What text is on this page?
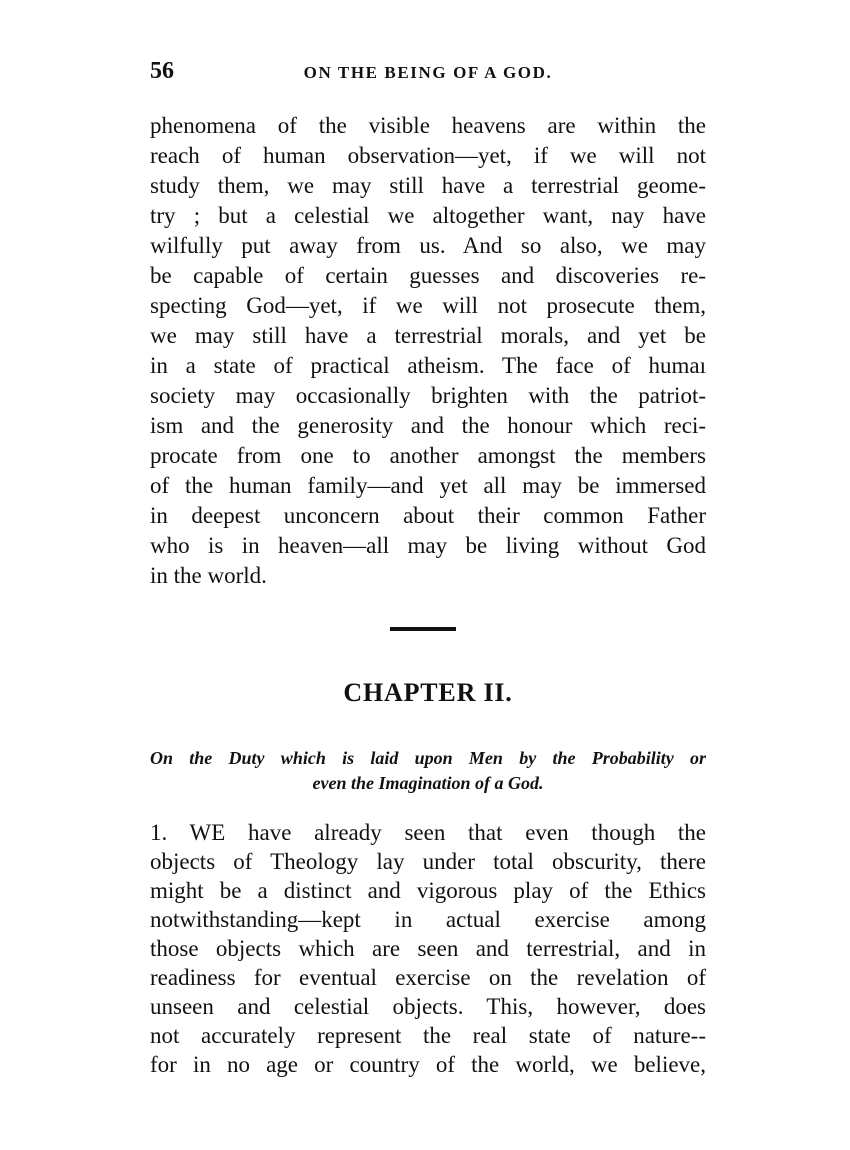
56	ON THE BEING OF A GOD.
phenomena of the visible heavens are within the
reach of human observation—yet, if we will not
study them, we may still have a terrestrial geome-
try ; but a celestial we altogether want, nay have
wilfully put away from us. And so also, we may
be capable of certain guesses and discoveries re-
specting God—yet, if we will not prosecute them,
we may still have a terrestrial morals, and yet be
in a state of practical atheism. The face of humaı
society may occasionally brighten with the patriot-
ism and the generosity and the honour which reci-
procate from one to another amongst the members
of the human family—and yet all may be immersed
in deepest unconcern about their common Father
who is in heaven—all may be living without God
in the world.
CHAPTER II.
On the Duty which is laid upon Men by the Probability or
even the Imagination of a God.
1. WE have already seen that even though the
objects of Theology lay under total obscurity, there
might be a distinct and vigorous play of the Ethics
notwithstanding—kept in actual exercise among
those objects which are seen and terrestrial, and in
readiness for eventual exercise on the revelation of
unseen and celestial objects. This, however, does
not accurately represent the real state of nature--
for in no age or country of the world, we believe,
